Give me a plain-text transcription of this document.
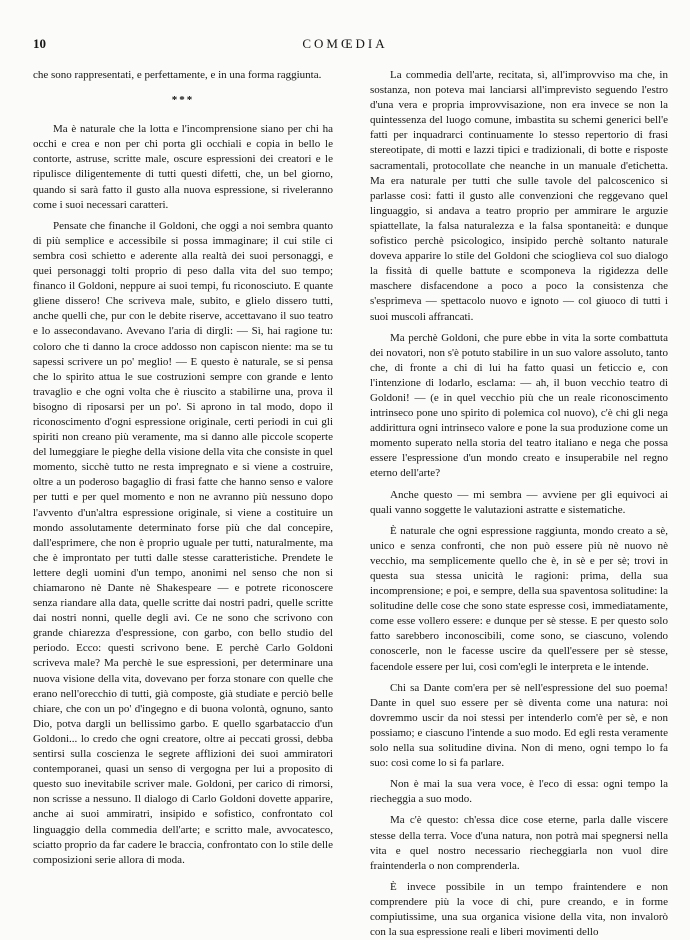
10	COMŒDIA

che sono rappresentati, e perfettamente, e in una forma raggiunta.

***

Ma è naturale che la lotta e l'incomprensione siano per chi ha occhi e crea e non per chi porta gli occhiali e copia in bello le contorte, astruse, scritte male, oscure espressioni dei creatori e le ripulisce diligentemente di tutti questi difetti, che, un bel giorno, quando si sarà fatto il gusto alla nuova espressione, si riveleranno come i suoi necessari caratteri.

Pensate che finanche il Goldoni, che oggi a noi sembra quanto di più semplice e accessibile si possa immaginare; il cui stile ci sembra così schietto e aderente alla realtà dei suoi personaggi, e quei personaggi tolti proprio di peso dalla vita del suo tempo; financo il Goldoni, neppure ai suoi tempi, fu riconosciuto. E quante gliene dissero! Che scriveva male, subito, e glielo dissero tutti, anche quelli che, pur con le debite riserve, accettavano il suo teatro e lo assecondavano. Avevano l'aria di dirgli: — Sì, hai ragione tu: coloro che ti danno la croce addosso non capiscon niente: ma se tu sapessi scrivere un po' meglio! — E questo è naturale, se si pensa che lo spirito attua le sue costruzioni sempre con grande e lento travaglio e che ogni volta che è riuscito a stabilirne una, prova il bisogno di riposarsi per un po'. Si aprono in tal modo, dopo il riconoscimento d'ogni espressione originale, certi periodi in cui gli spiriti non creano più veramente, ma si danno alle piccole scoperte del lumeggiare le pieghe della visione della vita che consiste in quel momento, sicchè tutto ne resta impregnato e si viene a costruire, oltre a un poderoso bagaglio di frasi fatte che hanno senso e valore per tutti e per quel momento e non ne avranno più nessuno dopo l'avvento d'un'altra espressione originale, si viene a costituire un mondo assolutamente determinato forse più che dal concepire, dall'esprimere, che non è proprio uguale per tutti, naturalmente, ma che è improntato per tutti dalle stesse caratteristiche. Prendete le lettere degli uomini d'un tempo, anonimi nel senso che non si chiamarono nè Dante nè Shakespeare — e potrete riconoscere senza riandare alla data, quelle scritte dai nostri padri, quelle scritte dai nostri nonni, quelle degli avi. Ce ne sono che scrivono con grande chiarezza d'espressione, con garbo, con bello studio del periodo. Ecco: questi scrivono bene. E perchè Carlo Goldoni scriveva male? Ma perchè le sue espressioni, per determinare una nuova visione della vita, dovevano per forza stonare con quelle che erano nell'orecchio di tutti, già composte, già studiate e perciò belle chiare, che con un po' d'ingegno e di buona volontà, ognuno, santo Dio, potva dargli un bellissimo garbo. E quello sgarbataccio d'un Goldoni... lo credo che ogni creatore, oltre ai peccati grossi, debba sentirsi sulla coscienza le segrete afflizioni dei suoi ammiratori contemporanei, quasi un senso di vergogna per lui a proposito di questo suo inevitabile scriver male. Goldoni, per carico di rimorsi, non scrisse a nessuno. Il dialogo di Carlo Goldoni dovette apparire, anche ai suoi ammiratri, insipido e sofistico, confrontato col linguaggio della commedia dell'arte; e scritto male, avvocatesco, sciatto proprio da far cadere le braccia, confrontato con lo stile delle composizioni serie allora di moda.

La commedia dell'arte, recitata, sì, all'improvviso ma che, in sostanza, non poteva mai lanciarsi all'imprevisto seguendo l'estro d'una vera e propria improvvisazione, non era invece se non la quintessenza del luogo comune, imbastita su schemi generici bell'e fatti per inquadrarci continuamente lo stesso repertorio di frasi stereotipate, di motti e lazzi tipici e tradizionali, di botte e risposte sacramentali, protocollate che neanche in un manuale d'etichetta. Ma era naturale per tutti che sulle tavole del palcoscenico si parlasse così: fatti il gusto alle convenzioni che reggevano quel linguaggio, si andava a teatro proprio per ammirare le arguzie spiattellate, la falsa naturalezza e la falsa spontaneità: e dunque sofistico perchè psicologico, insipido perchè soltanto naturale doveva apparire lo stile del Goldoni che scioglieva col suo dialogo la fissità di quelle battute e scomponeva la rigidezza delle maschere disfacendone a poco a poco la consistenza che s'esprimeva — spettacolo nuovo e ignoto — col giuoco di tutti i suoi muscoli affrancati.

Ma perchè Goldoni, che pure ebbe in vita la sorte combattuta dei novatori, non s'è potuto stabilire in un suo valore assoluto, tanto che, di fronte a chi di lui ha fatto quasi un feticcio e, con l'intenzione di lodarlo, esclama: — ah, il buon vecchio teatro di Goldoni! — (e in quel vecchio più che un reale riconoscimento intrinseco pone uno spirito di polemica col nuovo), c'è chi gli nega addirittura ogni intrinseco valore e pone la sua produzione come un momento superato nella storia del teatro italiano e nega che possa essere l'espressione d'un mondo creato e insuperabile nel regno eterno dell'arte?

Anche questo — mi sembra — avviene per gli equivoci ai quali vanno soggette le valutazioni astratte e sistematiche.

È naturale che ogni espressione raggiunta, mondo creato a sè, unico e senza confronti, che non può essere più nè nuovo nè vecchio, ma semplicemente quello che è, in sè e per sè; trovi in questa sua stessa unicità le ragioni: prima, della sua incomprensione; e poi, e sempre, della sua spaventosa solitudine: la solitudine delle cose che sono state espresse così, immediatamente, come esse vollero essere: e dunque per sè stesse. E per questo solo fatto sarebbero inconoscibili, come sono, se ciascuno, volendo conoscerle, non le facesse uscire da quell'essere per sè stesse, facendole essere per lui, così com'egli le interpreta e le intende.

Chi sa Dante com'era per sè nell'espressione del suo poema! Dante in quel suo essere per sè diventa come una natura: noi dovremmo uscir da noi stessi per intenderlo com'è per sè, e non possiamo; e ciascuno l'intende a suo modo. Ed egli resta veramente solo nella sua solitudine divina. Non di meno, ogni tempo lo fa suo: così come lo si fa parlare.

Non è mai la sua vera voce, è l'eco di essa: ogni tempo la riecheggia a suo modo.

Ma c'è questo: ch'essa dice cose eterne, parla dalle viscere stesse della terra. Voce d'una natura, non potrà mai spegnersi nella vita e quel nostro necessario riecheggiarla non vuol dire fraintenderla o non comprenderla.

È invece possibile in un tempo fraintendere e non comprendere più la voce di chi, pure creando, e in forme compiutissime, una sua organica visione della vita, non invalorò con la sua espressione reali e liberi movimenti dello
